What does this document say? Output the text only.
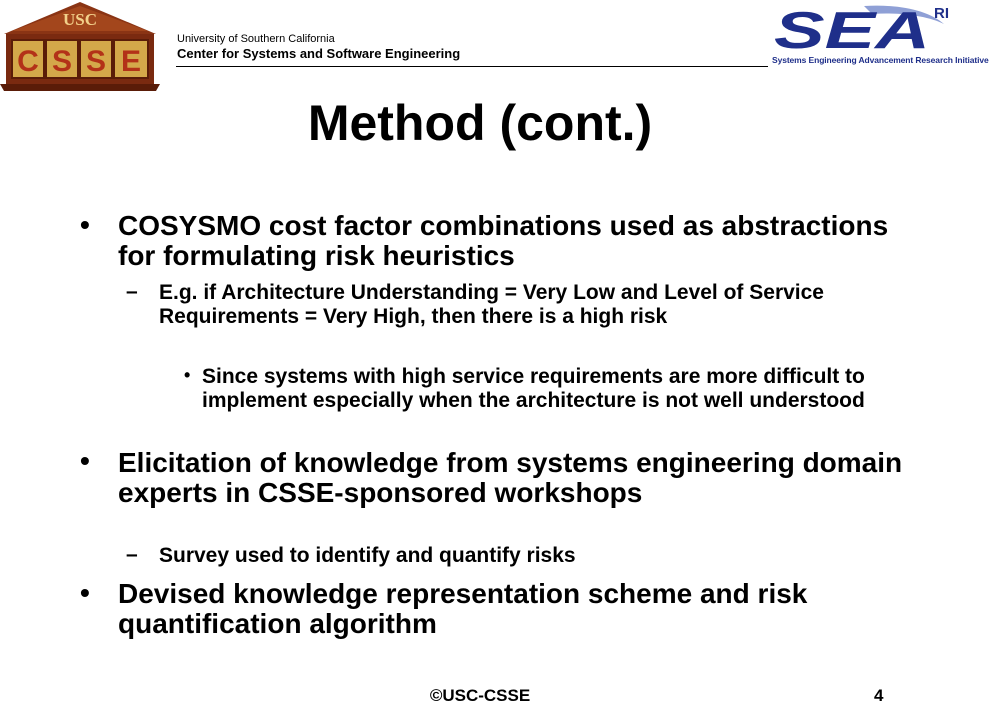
USC
C S S E
University of Southern California
Center for Systems and Software Engineering	SEA RI
Systems Engineering Advancement Research Initiative
Method (cont.)
• COSYSMO cost factor combinations used as abstractions for formulating risk heuristics
– E.g. if Architecture Understanding = Very Low and Level of Service Requirements = Very High, then there is a high risk
• Since systems with high service requirements are more difficult to implement especially when the architecture is not well understood
• Elicitation of knowledge from systems engineering domain experts in CSSE-sponsored workshops
– Survey used to identify and quantify risks
• Devised knowledge representation scheme and risk quantification algorithm
©USC-CSSE	4
